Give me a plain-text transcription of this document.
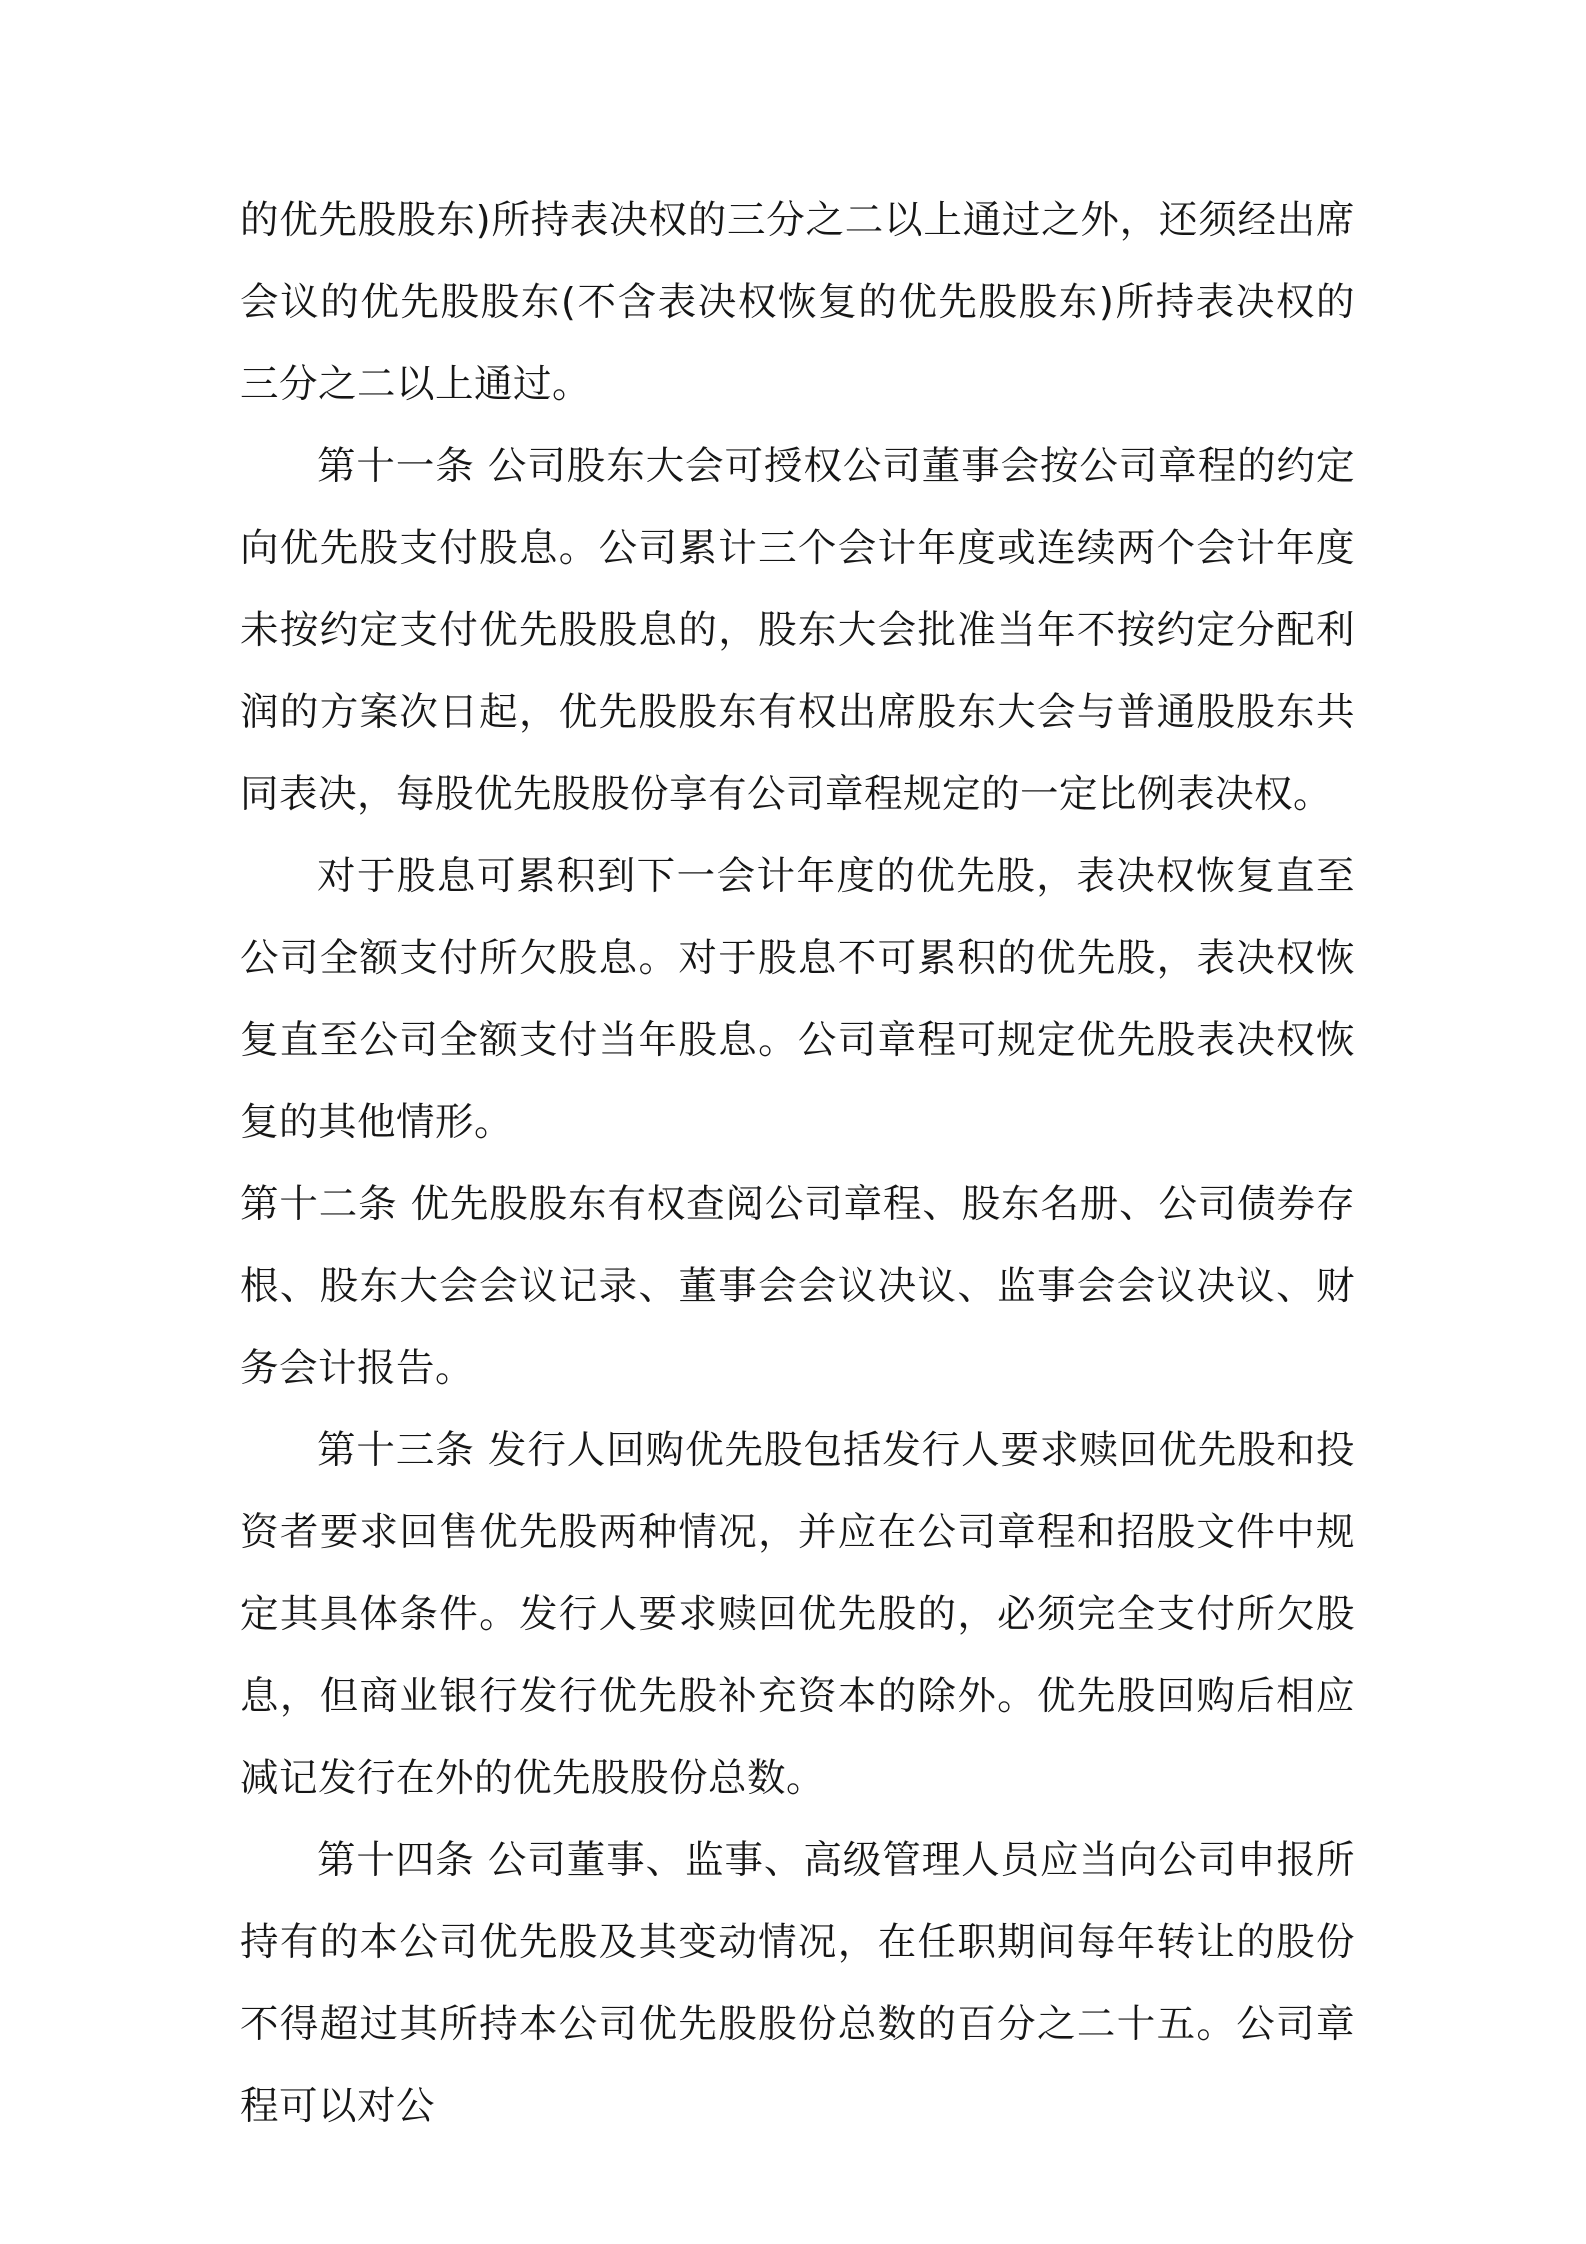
的优先股股东)所持表决权的三分之二以上通过之外，还须经出席会议的优先股股东(不含表决权恢复的优先股股东)所持表决权的三分之二以上通过。

第十一条 公司股东大会可授权公司董事会按公司章程的约定向优先股支付股息。公司累计三个会计年度或连续两个会计年度未按约定支付优先股股息的，股东大会批准当年不按约定分配利润的方案次日起，优先股股东有权出席股东大会与普通股股东共同表决，每股优先股股份享有公司章程规定的一定比例表决权。

对于股息可累积到下一会计年度的优先股，表决权恢复直至公司全额支付所欠股息。对于股息不可累积的优先股，表决权恢复直至公司全额支付当年股息。公司章程可规定优先股表决权恢复的其他情形。

第十二条 优先股股东有权查阅公司章程、股东名册、公司债券存根、股东大会会议记录、董事会会议决议、监事会会议决议、财务会计报告。

第十三条 发行人回购优先股包括发行人要求赎回优先股和投资者要求回售优先股两种情况，并应在公司章程和招股文件中规定其具体条件。发行人要求赎回优先股的，必须完全支付所欠股息，但商业银行发行优先股补充资本的除外。优先股回购后相应减记发行在外的优先股股份总数。

第十四条 公司董事、监事、高级管理人员应当向公司申报所持有的本公司优先股及其变动情况，在任职期间每年转让的股份不得超过其所持本公司优先股股份总数的百分之二十五。公司章程可以对公
